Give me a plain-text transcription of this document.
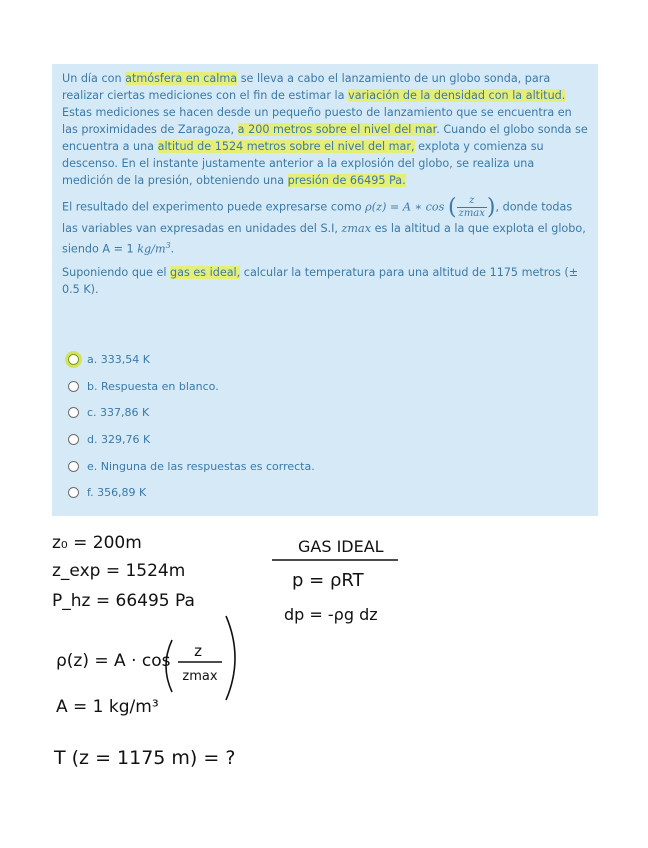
Un día con atmósfera en calma se lleva a cabo el lanzamiento de un globo sonda, para realizar ciertas mediciones con el fin de estimar la variación de la densidad con la altitud. Estas mediciones se hacen desde un pequeño puesto de lanzamiento que se encuentra en las proximidades de Zaragoza, a 200 metros sobre el nivel del mar. Cuando el globo sonda se encuentra a una altitud de 1524 metros sobre el nivel del mar, explota y comienza su descenso. En el instante justamente anterior a la explosión del globo, se realiza una medición de la presión, obteniendo una presión de 66495 Pa.

El resultado del experimento puede expresarse como ρ(z) = A ∗ cos ( $\frac{z}{zmax}$ ), donde todas las variables van expresadas en unidades del S.I, zmax es la altitud a la que explota el globo, siendo A = 1 $kg/m^3$.

Suponiendo que el gas es ideal, calcular la temperatura para una altitud de 1175 metros (± 0.5 K).

a. 333,54 K
b. Respuesta en blanco.
c. 337,86 K
d. 329,76 K
e. Ninguna de las respuestas es correcta.
f. 356,89 K
z₀ = 200m
z_exp = 1524m
P_hz = 66495 Pa
ρ(z) = A · cos z
zmax
A = 1 kg/m³
T (z = 1175 m) = ?
GAS IDEAL
p = ρRT
dp = -ρg dz
